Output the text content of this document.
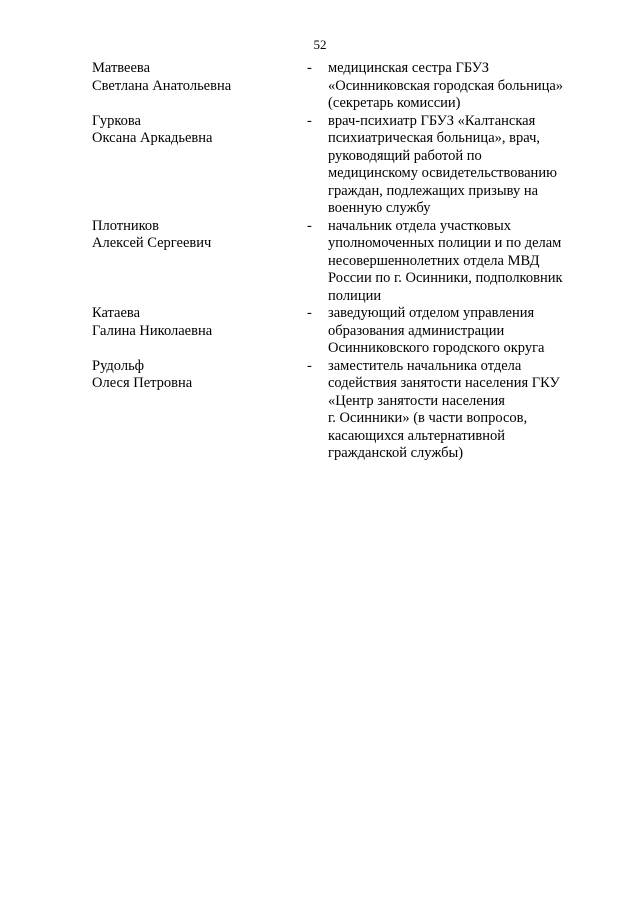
52
Матвеева
Светлана Анатольевна
- медицинская сестра ГБУЗ
«Осинниковская городская больница»
(секретарь комиссии)
Гуркова
Оксана Аркадьевна
- врач-психиатр ГБУЗ «Калтанская
психиатрическая больница», врач,
руководящий работой по
медицинскому освидетельствованию
граждан, подлежащих призыву на
военную службу
Плотников
Алексей Сергеевич
- начальник отдела участковых
уполномоченных полиции и по делам
несовершеннолетних отдела МВД
России по г. Осинники, подполковник
полиции
Катаева
Галина Николаевна
- заведующий отделом управления
образования администрации
Осинниковского городского округа
Рудольф
Олеся Петровна
- заместитель начальника отдела
содействия занятости населения ГКУ
«Центр занятости населения
г. Осинники» (в части вопросов,
касающихся альтернативной
гражданской службы)
